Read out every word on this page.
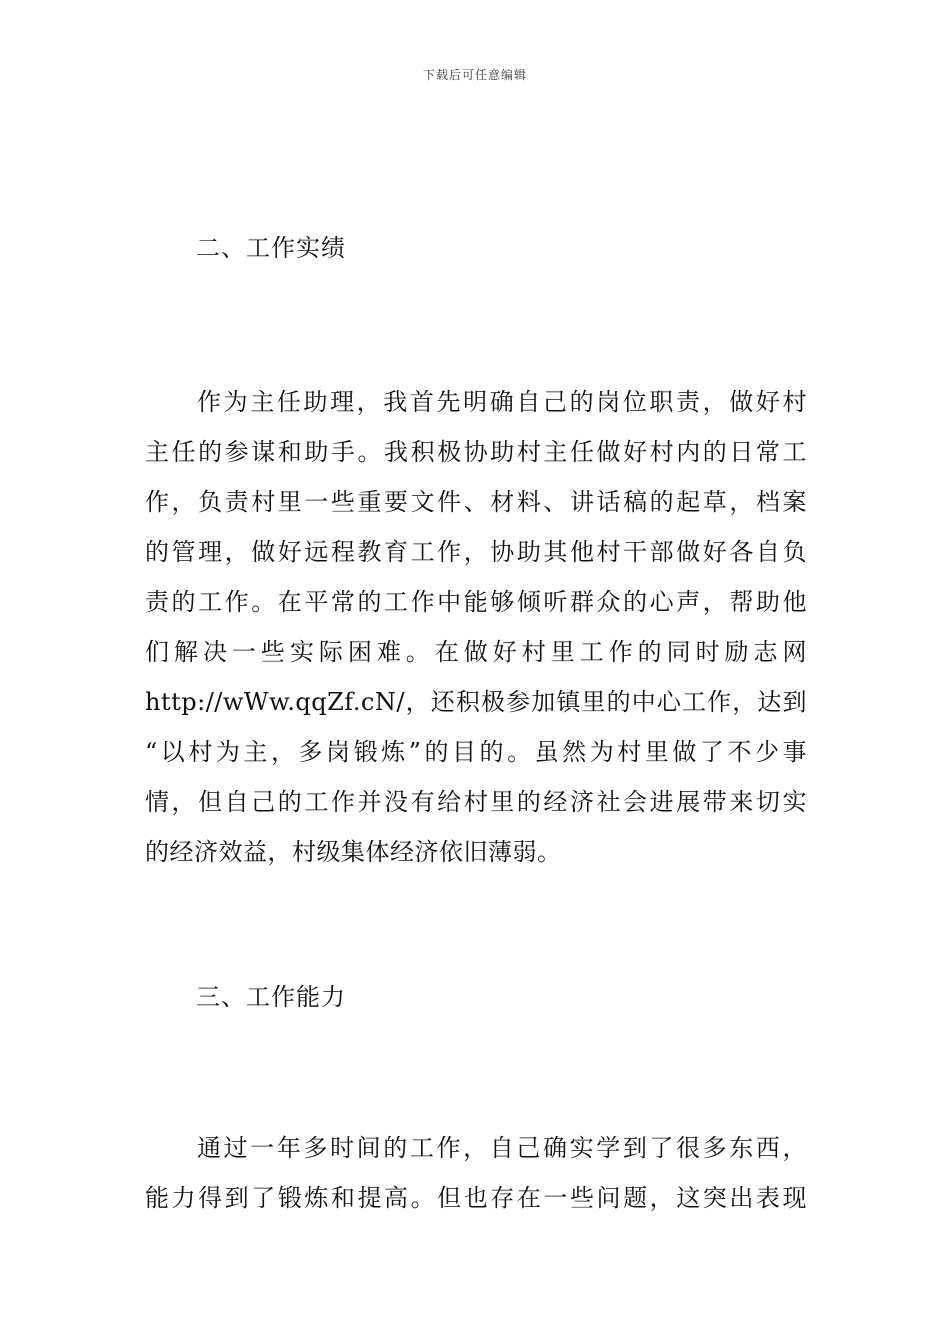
下载后可任意编辑
二、工作实绩
作为主任助理，我首先明确自己的岗位职责，做好村
主任的参谋和助手。我积极协助村主任做好村内的日常工
作，负责村里一些重要文件、材料、讲话稿的起草，档案
的管理，做好远程教育工作，协助其他村干部做好各自负
责的工作。在平常的工作中能够倾听群众的心声，帮助他
们解决一些实际困难。在做好村里工作的同时励志网
http://wWw.qqZf.cN/，还积极参加镇里的中心工作，达到
“以村为主，多岗锻炼”的目的。虽然为村里做了不少事
情，但自己的工作并没有给村里的经济社会进展带来切实
的经济效益，村级集体经济依旧薄弱。
三、工作能力
通过一年多时间的工作，自己确实学到了很多东西，
能力得到了锻炼和提高。但也存在一些问题，这突出表现
